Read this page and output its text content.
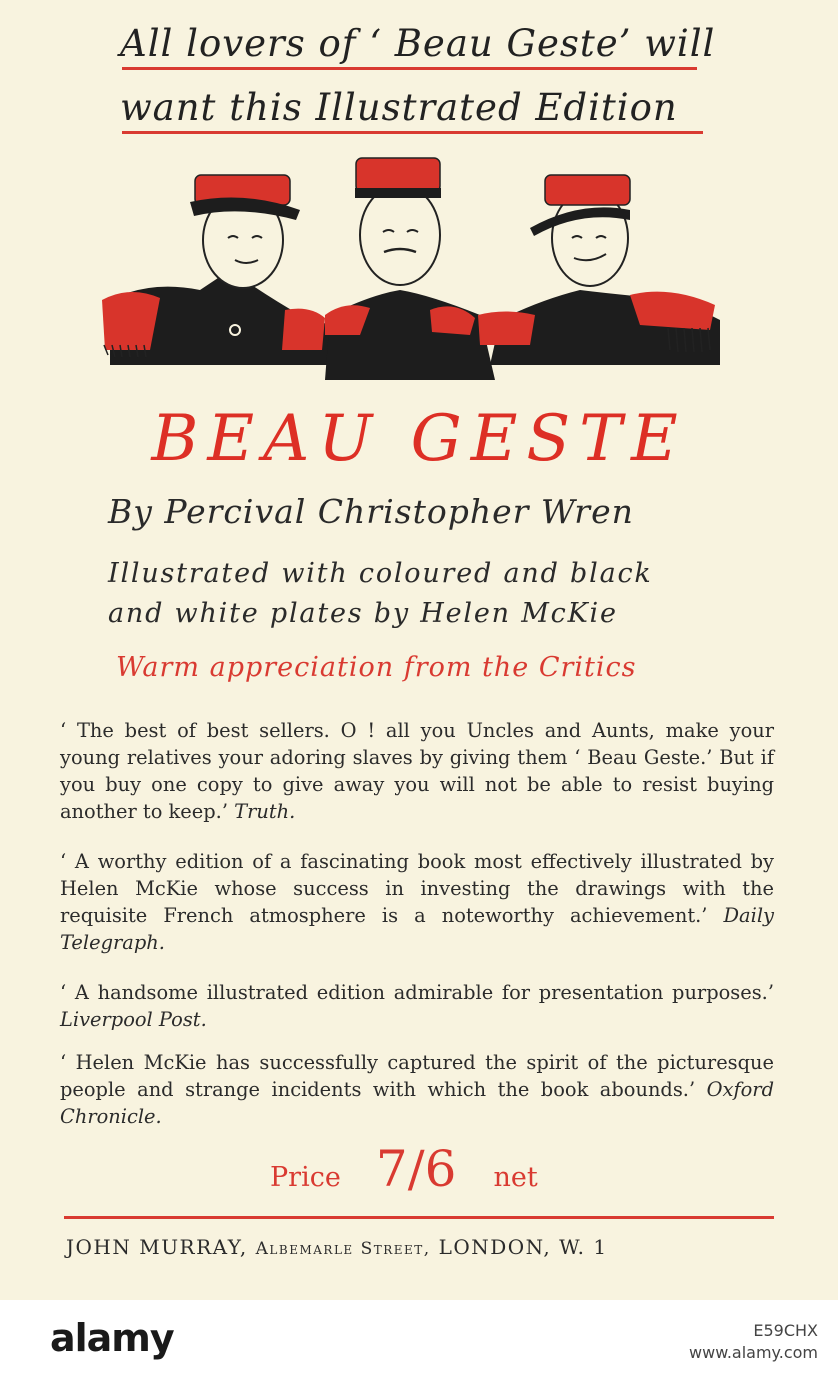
All lovers of ‘ Beau Geste’ will
want this Illustrated Edition
BEAU GESTE
By Percival Christopher Wren
Illustrated with coloured and black
and white plates by Helen McKie
Warm appreciation from the Critics
‘ The best of best sellers. O ! all you Uncles and Aunts, make your young relatives your adoring slaves by giving them ‘ Beau Geste.’ But if you buy one copy to give away you will not be able to resist buying another to keep.’ Truth.
‘ A worthy edition of a fascinating book most effectively illustrated by Helen McKie whose success in investing the drawings with the requisite French atmosphere is a noteworthy achievement.’ Daily Telegraph.
‘ A handsome illustrated edition admirable for presentation purposes.’ Liverpool Post.
‘ Helen McKie has successfully captured the spirit of the picturesque people and strange incidents with which the book abounds.’ Oxford Chronicle.
Price 7/6 net
JOHN MURRAY, Albemarle Street, LONDON, W. 1
alamy	E59CHX
www.alamy.com
